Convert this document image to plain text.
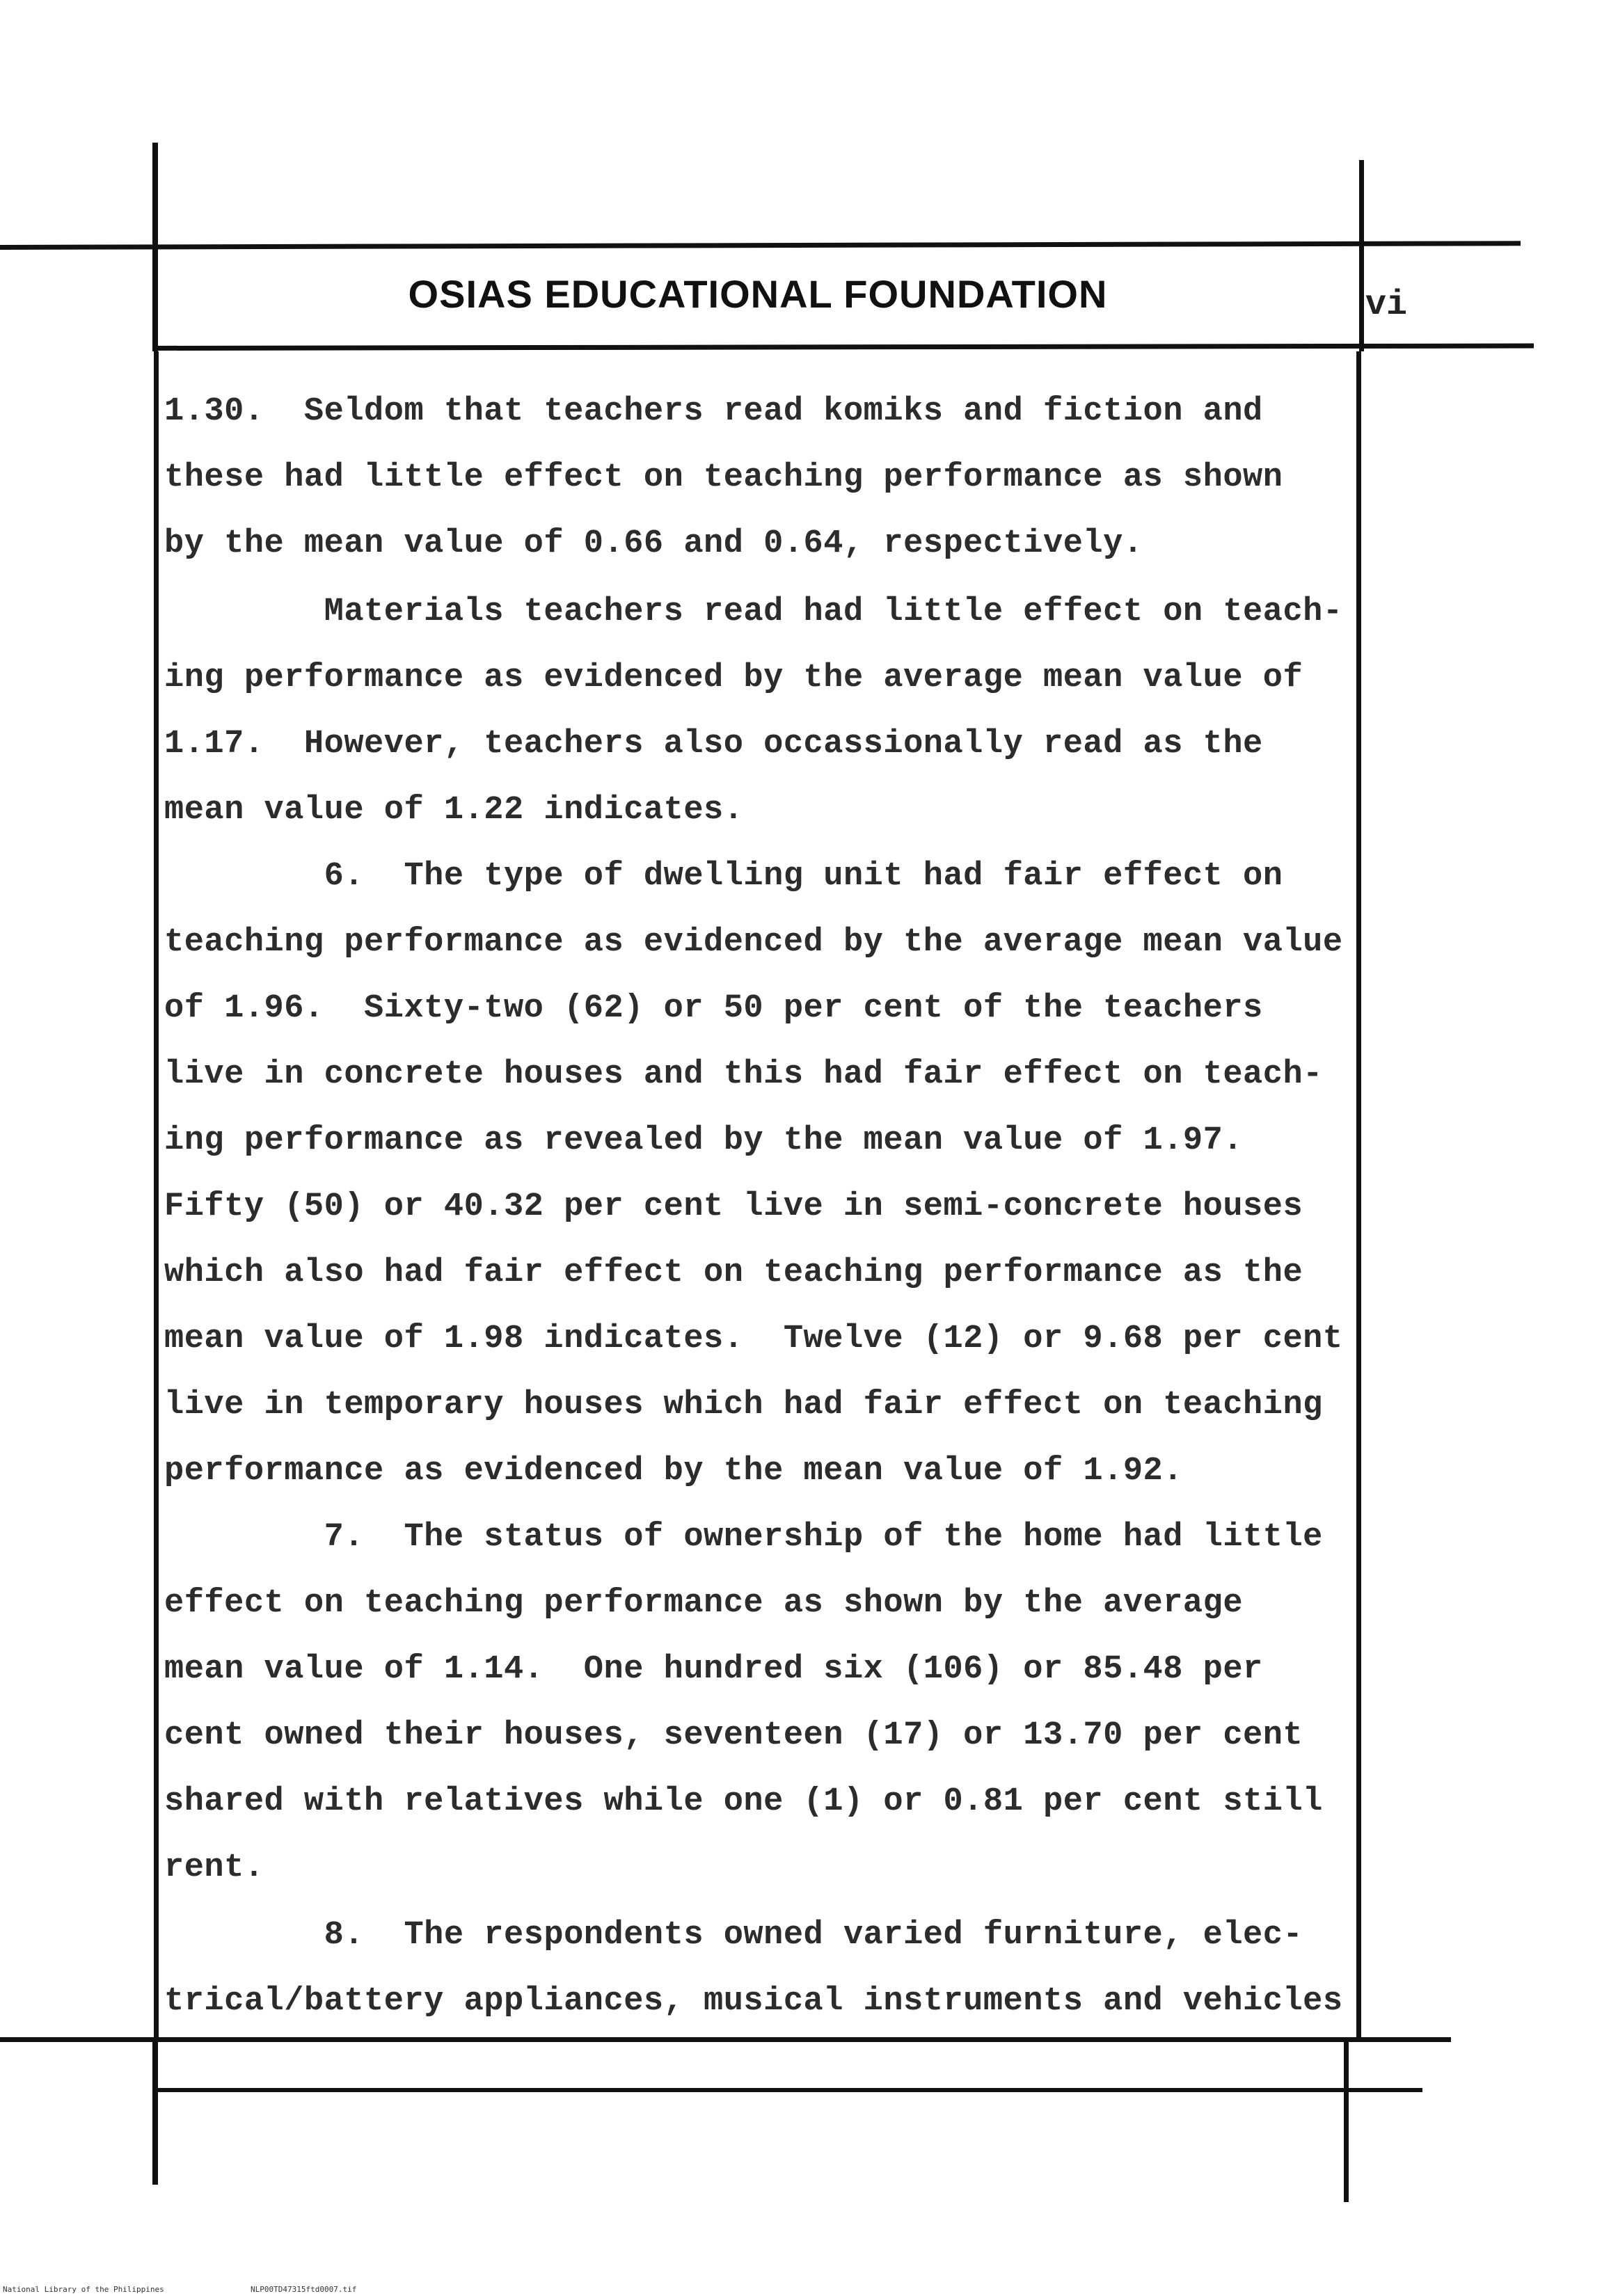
OSIAS EDUCATIONAL FOUNDATION	vi
1.30.  Seldom that teachers read komiks and fiction and
these had little effect on teaching performance as shown
by the mean value of 0.66 and 0.64, respectively.
Materials teachers read had little effect on teach-
ing performance as evidenced by the average mean value of
1.17.  However, teachers also occassionally read as the
mean value of 1.22 indicates.
6.  The type of dwelling unit had fair effect on
teaching performance as evidenced by the average mean value
of 1.96.  Sixty-two (62) or 50 per cent of the teachers
live in concrete houses and this had fair effect on teach-
ing performance as revealed by the mean value of 1.97.
Fifty (50) or 40.32 per cent live in semi-concrete houses
which also had fair effect on teaching performance as the
mean value of 1.98 indicates.  Twelve (12) or 9.68 per cent
live in temporary houses which had fair effect on teaching
performance as evidenced by the mean value of 1.92.
7.  The status of ownership of the home had little
effect on teaching performance as shown by the average
mean value of 1.14.  One hundred six (106) or 85.48 per
cent owned their houses, seventeen (17) or 13.70 per cent
shared with relatives while one (1) or 0.81 per cent still
rent.
8.  The respondents owned varied furniture, elec-
trical/battery appliances, musical instruments and vehicles
National Library of the Philippines	NLP00TD47315ftd0007.tif
